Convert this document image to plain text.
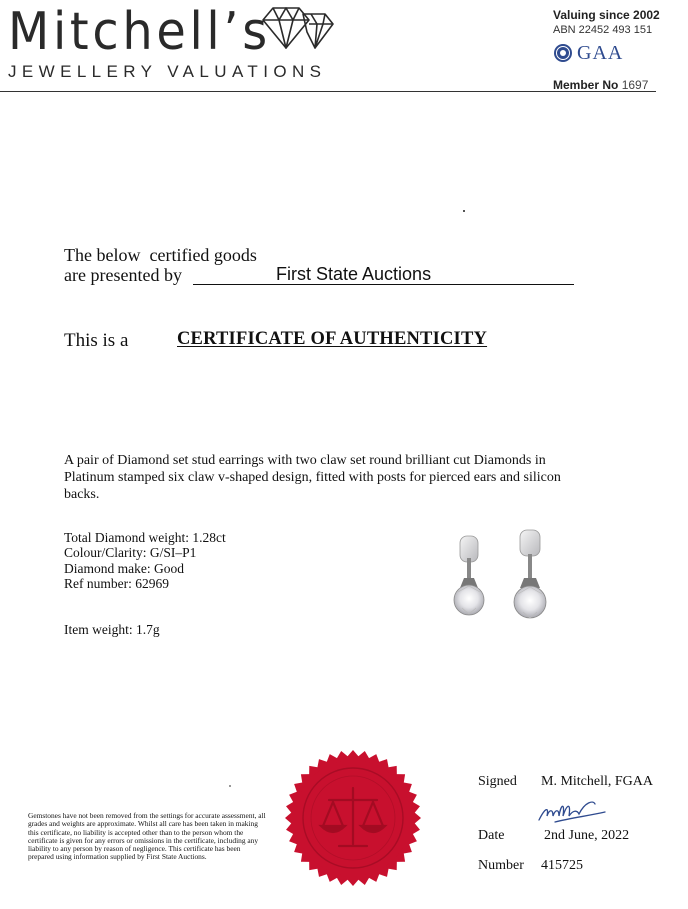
Mitchell’s
JEWELLERY VALUATIONS
Valuing since 2002
ABN 22452 493 151
GAA
Member No 1697
The below  certified goods
are presented by	First State Auctions
This is a	CERTIFICATE OF AUTHENTICITY
A pair of Diamond set stud earrings with two claw set round brilliant cut Diamonds in Platinum stamped six claw v-shaped design, fitted with posts for pierced ears and silicon backs.
Total Diamond weight: 1.28ct
Colour/Clarity: G/SI–P1
Diamond make: Good
Ref number: 62969
Item weight: 1.7g
Gemstones have not been removed from the settings for accurate assessment, all grades and weights are approximate. Whilst all care has been taken in making this certificate, no liability is accepted other than to the person whom the certificate is given for any errors or omissions in the certificate, including any liability to any person by reason of negligence. This certificate has been prepared using information supplied by First State Auctions.
Signed M. Mitchell, FGAA
Date	2nd June, 2022
Number 415725
